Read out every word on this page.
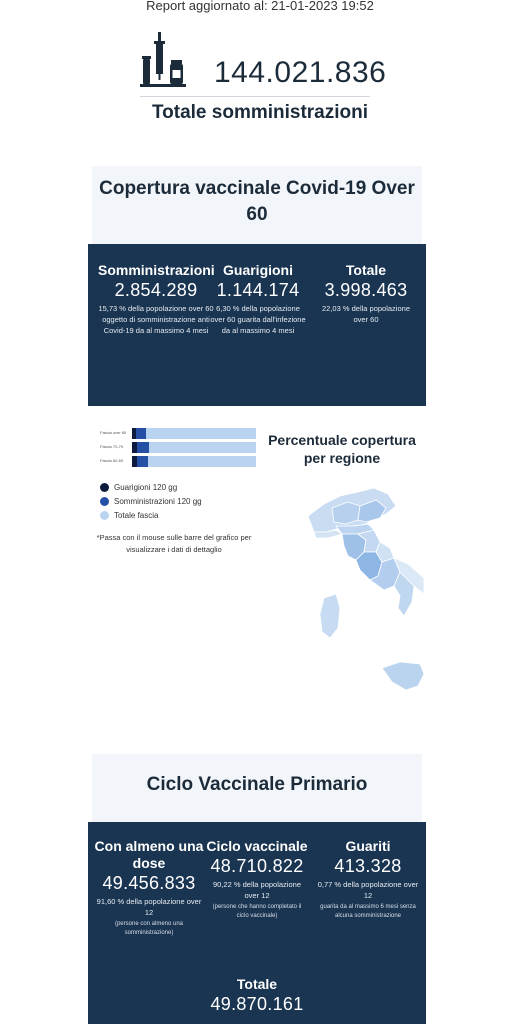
Report aggiornato al: 21-01-2023 19:52
144.021.836
Totale somministrazioni
Copertura vaccinale Covid-19 Over 60
Somministrazioni
2.854.289
15,73 % della popolazione over 60 oggetto di somministrazione anti Covid-19 da al massimo 4 mesi
Guarigioni
1.144.174
6,30 % della popolazione over 60 guarita dall'infezione da al massimo 4 mesi
Totale
3.998.463
22,03 % della popolazione over 60
Fascia over 80
Fascia 70-79
Fascia 60-69
Guarigioni 120 gg
Somministrazioni 120 gg
Totale fascia
*Passa con il mouse sulle barre del grafico per visualizzare i dati di dettaglio
Percentuale copertura per regione
Ciclo Vaccinale Primario
Con almeno una dose
49.456.833
91,60 % della popolazione over 12
(persone con almeno una somministrazione)
Ciclo vaccinale
48.710.822
90,22 % della popolazione over 12
(persone che hanno completato il ciclo vaccinale)
Guariti
413.328
0,77 % della popolazione over 12
guarita da al massimo 6 mesi senza alcuna somministrazione
Totale
49.870.161
